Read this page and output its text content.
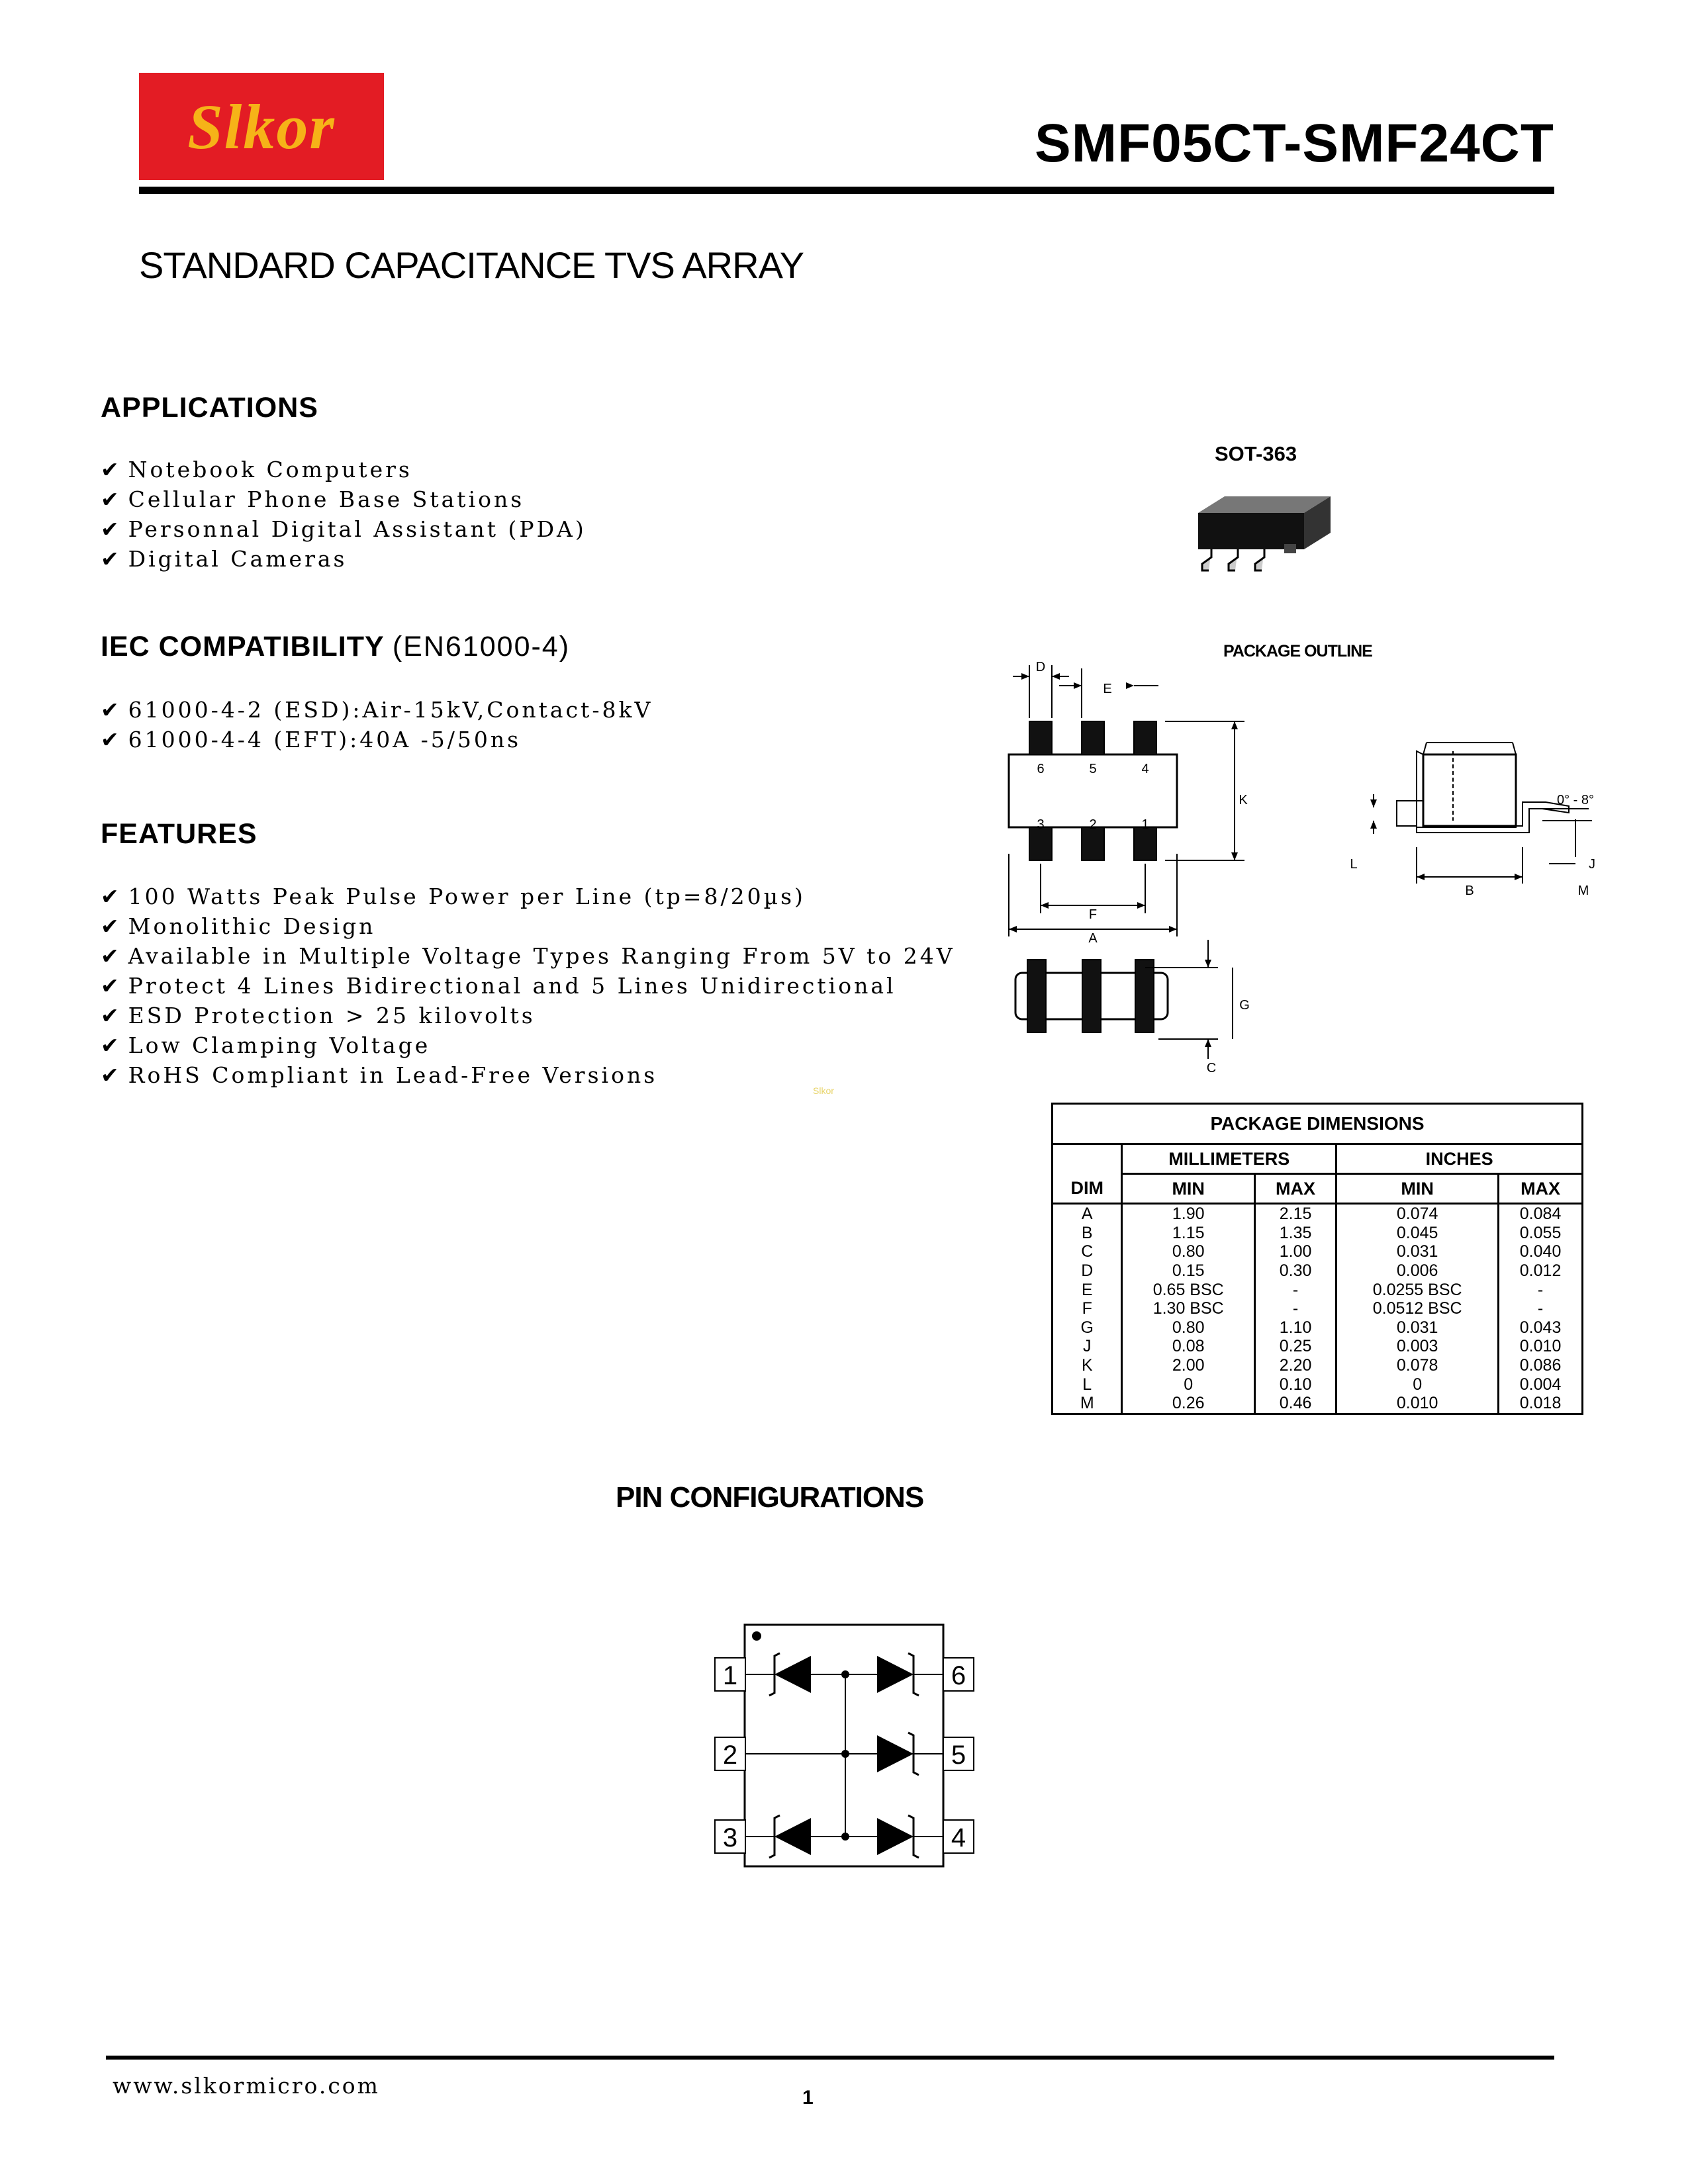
Slkor	SMF05CT-SMF24CT
STANDARD CAPACITANCE TVS ARRAY
APPLICATIONS
✔ Notebook Computers
✔ Cellular Phone Base Stations
✔ Personnal Digital Assistant (PDA)
✔ Digital Cameras
IEC COMPATIBILITY (EN61000-4)
✔ 61000-4-2 (ESD):Air-15kV,Contact-8kV
✔ 61000-4-4 (EFT):40A -5/50ns
FEATURES
✔ 100 Watts Peak Pulse Power per Line (tp=8/20µs)
✔ Monolithic Design
✔ Available in Multiple Voltage Types Ranging From 5V to 24V
✔ Protect 4 Lines Bidirectional and 5 Lines Unidirectional
✔ ESD Protection > 25 kilovolts
✔ Low Clamping Voltage
✔ RoHS Compliant in Lead-Free Versions
SOT-363
PACKAGE OUTLINE
Slkor
6	5	4
3	2	1
D
E
K
F
A
G
C
L
B
J
M
0° - 8°
PACKAGE DIMENSIONS				
	MILLIMETERS		INCHES	
DIM	MIN	MAX	MIN	MAX
A	1.90	2.15	0.074	0.084
B	1.15	1.35	0.045	0.055
C	0.80	1.00	0.031	0.040
D	0.15	0.30	0.006	0.012
E	0.65 BSC	-	0.0255 BSC	-
F	1.30 BSC	-	0.0512 BSC	-
G	0.80	1.10	0.031	0.043
J	0.08	0.25	0.003	0.010
K	2.00	2.20	0.078	0.086
L	0	0.10	0	0.004
M	0.26	0.46	0.010	0.018
PIN CONFIGURATIONS
1
2
3
6
5
4
www.slkormicro.com	1
